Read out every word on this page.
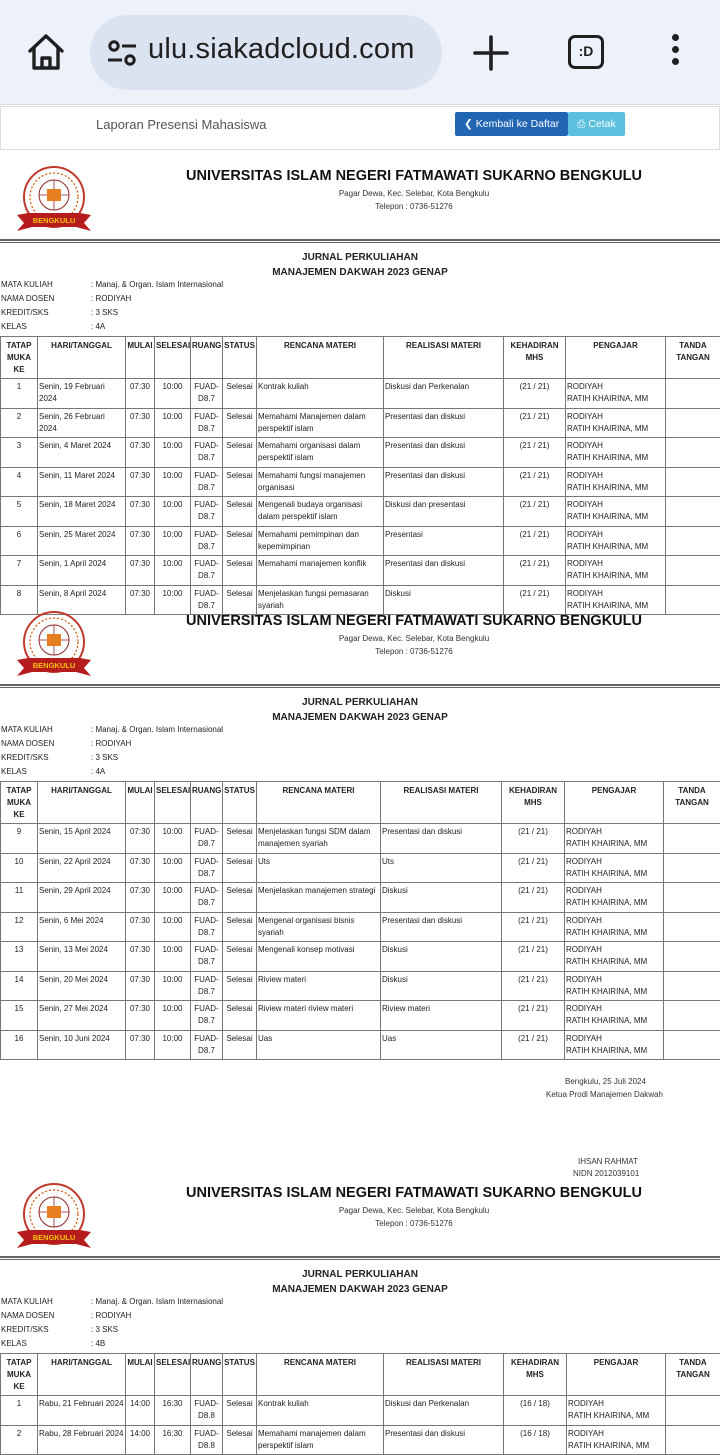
ulu.siakadcloud.com	:D
Laporan Presensi Mahasiswa	❮ Kembali ke Daftar	⎙ Cetak
BENGKULU
UNIVERSITAS ISLAM NEGERI FATMAWATI SUKARNO BENGKULU
Pagar Dewa, Kec. Selebar, Kota Bengkulu
Telepon : 0736-51276
JURNAL PERKULIAHAN
MANAJEMEN DAKWAH 2023 GENAP
MATA KULIAH	: Manaj. & Organ. Islam Internasional
NAMA DOSEN	: RODIYAH
KREDIT/SKS	: 3 SKS
KELAS	: 4A
TATAP MUKA KE	HARI/TANGGAL	MULAI	SELESAI	RUANG	STATUS	RENCANA MATERI	REALISASI MATERI	KEHADIRAN MHS	PENGAJAR	TANDA TANGAN
1	Senin, 19 Februari 2024	07:30	10:00	FUAD-D8.7	Selesai	Kontrak kuliah	Diskusi dan Perkenalan	(21 / 21)	RODIYAH
RATIH KHAIRINA, MM	

2	Senin, 26 Februari 2024	07:30	10:00	FUAD-D8.7	Selesai	Memahami Manajemen dalam perspektif islam	Presentasi dan diskusi	(21 / 21)	RODIYAH
RATIH KHAIRINA, MM	

3	Senin, 4 Maret 2024	07:30	10:00	FUAD-D8.7	Selesai	Memahami organisasi dalam perspektif islam	Presentasi dan diskusi	(21 / 21)	RODIYAH
RATIH KHAIRINA, MM	

4	Senin, 11 Maret 2024	07:30	10:00	FUAD-D8.7	Selesai	Memahami fungsi manajemen organisasi	Presentasi dan diskusi	(21 / 21)	RODIYAH
RATIH KHAIRINA, MM	

5	Senin, 18 Maret 2024	07:30	10:00	FUAD-D8.7	Selesai	Mengenali budaya organisasi dalam perspektif islam	Diskusi dan presentasi	(21 / 21)	RODIYAH
RATIH KHAIRINA, MM	

6	Senin, 25 Maret 2024	07:30	10:00	FUAD-D8.7	Selesai	Memahami pemimpinan dan kepemimpinan	Presentasi	(21 / 21)	RODIYAH
RATIH KHAIRINA, MM	

7	Senin, 1 April 2024	07:30	10:00	FUAD-D8.7	Selesai	Memahami manajemen konflik	Presentasi dan diskusi	(21 / 21)	RODIYAH
RATIH KHAIRINA, MM	

8	Senin, 8 April 2024	07:30	10:00	FUAD-D8.7	Selesai	Menjelaskan fungsi pemasaran syariah	Diskusi	(21 / 21)	RODIYAH
RATIH KHAIRINA, MM	

BENGKULU
UNIVERSITAS ISLAM NEGERI FATMAWATI SUKARNO BENGKULU
Pagar Dewa, Kec. Selebar, Kota Bengkulu
Telepon : 0736-51276
JURNAL PERKULIAHAN
MANAJEMEN DAKWAH 2023 GENAP
MATA KULIAH	: Manaj. & Organ. Islam Internasional
NAMA DOSEN	: RODIYAH
KREDIT/SKS	: 3 SKS
KELAS	: 4A
TATAP MUKA KE	HARI/TANGGAL	MULAI	SELESAI	RUANG	STATUS	RENCANA MATERI	REALISASI MATERI	KEHADIRAN MHS	PENGAJAR	TANDA TANGAN
9	Senin, 15 April 2024	07:30	10:00	FUAD-D8.7	Selesai	Menjelaskan fungsi SDM dalam manajemen syariah	Presentasi dan diskusi	(21 / 21)	RODIYAH
RATIH KHAIRINA, MM	

10	Senin, 22 April 2024	07:30	10:00	FUAD-D8.7	Selesai	Uts	Uts	(21 / 21)	RODIYAH
RATIH KHAIRINA, MM	

11	Senin, 29 April 2024	07:30	10:00	FUAD-D8.7	Selesai	Menjelaskan manajemen strategi	Diskusi	(21 / 21)	RODIYAH
RATIH KHAIRINA, MM	

12	Senin, 6 Mei 2024	07:30	10:00	FUAD-D8.7	Selesai	Mengenal organisasi bisnis syariah	Presentasi dan diskusi	(21 / 21)	RODIYAH
RATIH KHAIRINA, MM	

13	Senin, 13 Mei 2024	07:30	10:00	FUAD-D8.7	Selesai	Mengenali konsep motivasi	Diskusi	(21 / 21)	RODIYAH
RATIH KHAIRINA, MM	

14	Senin, 20 Mei 2024	07:30	10:00	FUAD-D8.7	Selesai	Riview materi	Diskusi	(21 / 21)	RODIYAH
RATIH KHAIRINA, MM	

15	Senin, 27 Mei 2024	07:30	10:00	FUAD-D8.7	Selesai	Riview materi riview materi	Riview materi	(21 / 21)	RODIYAH
RATIH KHAIRINA, MM	

16	Senin, 10 Juni 2024	07:30	10:00	FUAD-D8.7	Selesai	Uas	Uas	(21 / 21)	RODIYAH
RATIH KHAIRINA, MM	

Bengkulu, 25 Juli 2024
Ketua Prodi Manajemen Dakwah
IHSAN RAHMAT
NIDN 2012039101
BENGKULU
UNIVERSITAS ISLAM NEGERI FATMAWATI SUKARNO BENGKULU
Pagar Dewa, Kec. Selebar, Kota Bengkulu
Telepon : 0736-51276
JURNAL PERKULIAHAN
MANAJEMEN DAKWAH 2023 GENAP
MATA KULIAH	: Manaj. & Organ. Islam Internasional
NAMA DOSEN	: RODIYAH
KREDIT/SKS	: 3 SKS
KELAS	: 4B
TATAP MUKA KE	HARI/TANGGAL	MULAI	SELESAI	RUANG	STATUS	RENCANA MATERI	REALISASI MATERI	KEHADIRAN MHS	PENGAJAR	TANDA TANGAN
1	Rabu, 21 Februari 2024	14:00	16:30	FUAD-D8.8	Selesai	Kontrak kuliah	Diskusi dan Perkenalan	(16 / 18)	RODIYAH
RATIH KHAIRINA, MM	

2	Rabu, 28 Februari 2024	14:00	16:30	FUAD-D8.8	Selesai	Memahami manajemen dalam perspektif islam	Presentasi dan diskusi	(16 / 18)	RODIYAH
RATIH KHAIRINA, MM	
